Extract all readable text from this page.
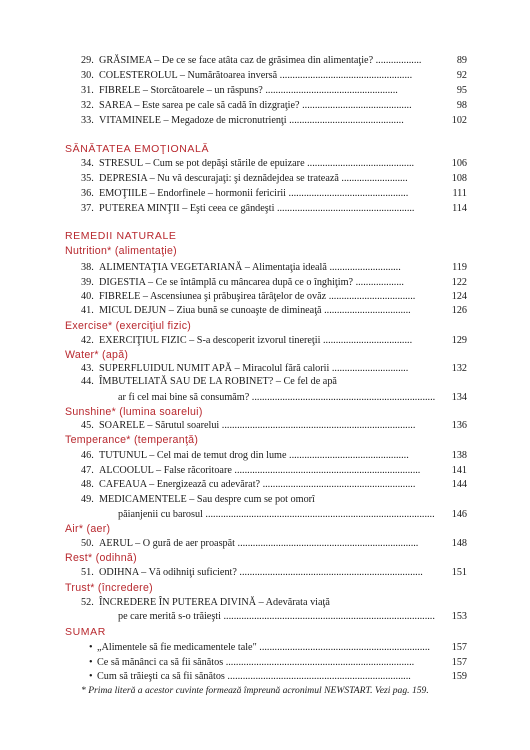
29. GRĂSIMEA – De ce se face atâta caz de grăsimea din alimentaţie? ..................	89
30. COLESTEROLUL – Numărătoarea inversă ....................................................	92
31. FIBRELE – Storcătoarele – un răspuns? ....................................................	95
32. SAREA – Este sarea pe cale să cadă în dizgraţie? ...........................................	98
33. VITAMINELE – Megadoze de micronutrienţi .............................................	102
SĂNĂTATEA EMOŢIONALĂ
34. STRESUL – Cum se pot depăşi stările de epuizare ..........................................	106
35. DEPRESIA – Nu vă descurajaţi: şi deznădejdea se tratează ..........................	108
36. EMOŢIILE – Endorfinele – hormonii fericirii ...............................................	111
37. PUTEREA MINŢII – Eşti ceea ce gândeşti ......................................................	114
REMEDII NATURALE
Nutrition* (alimentaţie)
38. ALIMENTAŢIA VEGETARIANĂ – Alimentaţia ideală ............................	119
39. DIGESTIA – Ce se întâmplă cu mâncarea după ce o înghiţim? ...................	122
40. FIBRELE – Ascensiunea şi prăbuşirea tărâţelor de ovăz ..................................	124
41. MICUL DEJUN – Ziua bună se cunoaşte de dimineaţă ..................................	126
Exercise* (exerciţiul fizic)
42. EXERCIŢIUL FIZIC – S-a descoperit izvorul tinereţii ...................................	129
Water* (apă)
43. SUPERFLUIDUL NUMIT APĂ – Miracolul fără calorii ..............................	132
44. ÎMBUTELIATĂ SAU DE LA ROBINET? – Ce fel de apă
ar fi cel mai bine să consumăm? ........................................................................	134
Sunshine* (lumina soarelui)
45. SOARELE – Sărutul soarelui ............................................................................	136
Temperance* (temperanţă)
46. TUTUNUL – Cel mai de temut drog din lume ...............................................	138
47. ALCOOLUL – False răcoritoare .........................................................................	141
48. CAFEAUA – Energizează cu adevărat? ............................................................	144
49. MEDICAMENTELE – Sau despre cum se pot omorî
păianjenii cu barosul ..........................................................................................	146
Air* (aer)
50. AERUL – O gură de aer proaspăt .......................................................................	148
Rest* (odihnă)
51. ODIHNA – Vă odihniţi suficient? ........................................................................	151
Trust* (încredere)
52. ÎNCREDERE ÎN PUTEREA DIVINĂ – Adevărata viaţă
pe care merită s-o trăieşti ...................................................................................	153
SUMAR
• „Alimentele să fie medicamentele tale" ...................................................................	157
• Ce să mănânci ca să fii sănătos ..........................................................................	157
• Cum să trăieşti ca să fii sănătos ........................................................................	159
* Prima literă a acestor cuvinte formează împreună acronimul NEWSTART. Vezi pag. 159.
